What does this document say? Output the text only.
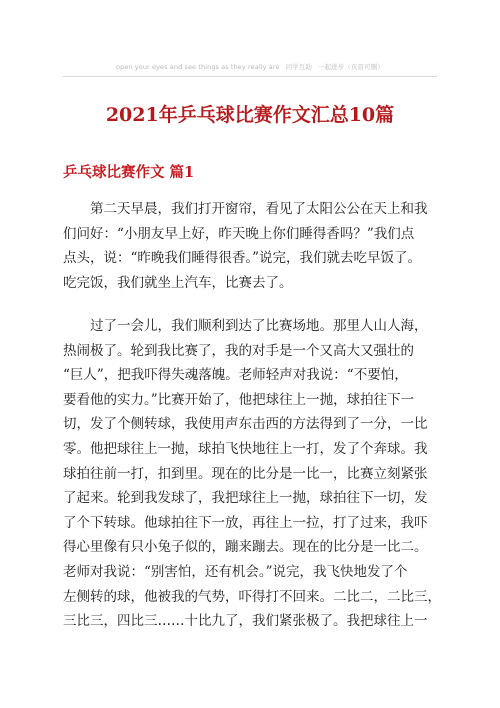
open your eyes and see things as they really are 同学互助 一起进步（页眉可删）
2021年乒乓球比赛作文汇总10篇
乒乓球比赛作文 篇1
第二天早晨，我们打开窗帘，看见了太阳公公在天上和我
们问好：“小朋友早上好，昨天晚上你们睡得香吗？”我们点
点头，说：“昨晚我们睡得很香。”说完，我们就去吃早饭了。
吃完饭，我们就坐上汽车，比赛去了。
过了一会儿，我们顺利到达了比赛场地。那里人山人海，
热闹极了。轮到我比赛了，我的对手是一个又高大又强壮的
“巨人”，把我吓得失魂落魄。老师轻声对我说：“不要怕，
要看他的实力。”比赛开始了，他把球往上一抛，球拍往下一
切，发了个侧转球，我使用声东击西的方法得到了一分，一比
零。他把球往上一抛，球拍飞快地往上一打，发了个奔球。我
球拍往前一打，扣到里。现在的比分是一比一，比赛立刻紧张
了起来。轮到我发球了，我把球往上一抛，球拍往下一切，发
了个下转球。他球拍往下一放，再往上一拉，打了过来，我吓
得心里像有只小兔子似的，蹦来蹦去。现在的比分是一比二。
老师对我说：“别害怕，还有机会。”说完，我飞快地发了个
左侧转的球，他被我的气势，吓得打不回来。二比二，二比三，
三比三，四比三……十比九了，我们紧张极了。我把球往上一
